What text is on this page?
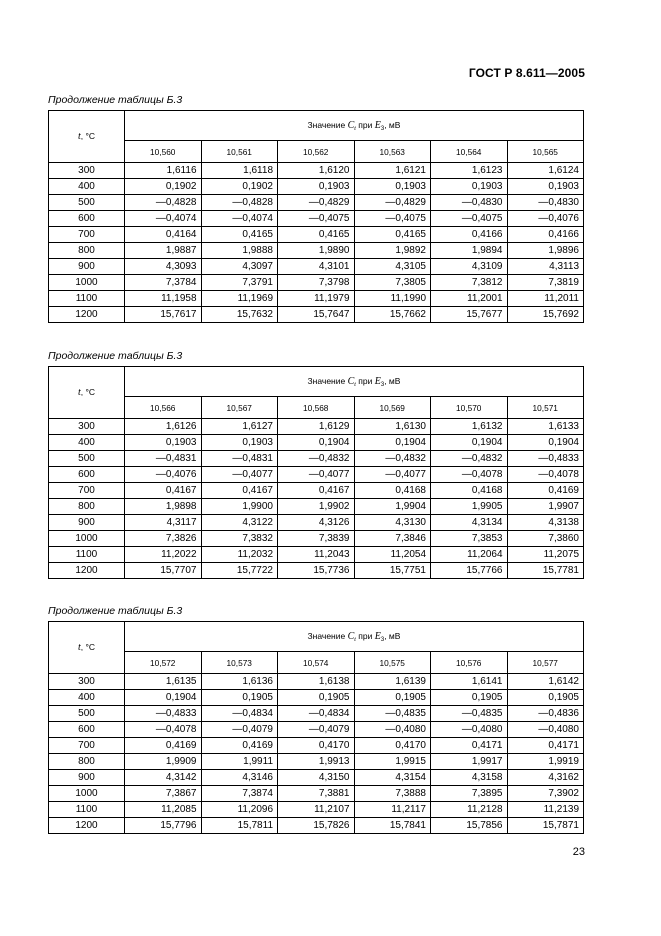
ГОСТ Р 8.611—2005
Продолжение таблицы Б.3
t, °C	Значение $C_t$ при $E_3$, мВ					
	10,560	10,561	10,562	10,563	10,564	10,565
300	1,6116	1,6118	1,6120	1,6121	1,6123	1,6124
400	0,1902	0,1902	0,1903	0,1903	0,1903	0,1903
500	—0,4828	—0,4828	—0,4829	—0,4829	—0,4830	—0,4830
600	—0,4074	—0,4074	—0,4075	—0,4075	—0,4075	—0,4076
700	0,4164	0,4165	0,4165	0,4165	0,4166	0,4166
800	1,9887	1,9888	1,9890	1,9892	1,9894	1,9896
900	4,3093	4,3097	4,3101	4,3105	4,3109	4,3113
1000	7,3784	7,3791	7,3798	7,3805	7,3812	7,3819
1100	11,1958	11,1969	11,1979	11,1990	11,2001	11,2011
1200	15,7617	15,7632	15,7647	15,7662	15,7677	15,7692
Продолжение таблицы Б.3
t, °C	Значение $C_t$ при $E_3$, мВ					
	10,566	10,567	10,568	10,569	10,570	10,571
300	1,6126	1,6127	1,6129	1,6130	1,6132	1,6133
400	0,1903	0,1903	0,1904	0,1904	0,1904	0,1904
500	—0,4831	—0,4831	—0,4832	—0,4832	—0,4832	—0,4833
600	—0,4076	—0,4077	—0,4077	—0,4077	—0,4078	—0,4078
700	0,4167	0,4167	0,4167	0,4168	0,4168	0,4169
800	1,9898	1,9900	1,9902	1,9904	1,9905	1,9907
900	4,3117	4,3122	4,3126	4,3130	4,3134	4,3138
1000	7,3826	7,3832	7,3839	7,3846	7,3853	7,3860
1100	11,2022	11,2032	11,2043	11,2054	11,2064	11,2075
1200	15,7707	15,7722	15,7736	15,7751	15,7766	15,7781
Продолжение таблицы Б.3
t, °C	Значение $C_t$ при $E_3$, мВ					
	10,572	10,573	10,574	10,575	10,576	10,577
300	1,6135	1,6136	1,6138	1,6139	1,6141	1,6142
400	0,1904	0,1905	0,1905	0,1905	0,1905	0,1905
500	—0,4833	—0,4834	—0,4834	—0,4835	—0,4835	—0,4836
600	—0,4078	—0,4079	—0,4079	—0,4080	—0,4080	—0,4080
700	0,4169	0,4169	0,4170	0,4170	0,4171	0,4171
800	1,9909	1,9911	1,9913	1,9915	1,9917	1,9919
900	4,3142	4,3146	4,3150	4,3154	4,3158	4,3162
1000	7,3867	7,3874	7,3881	7,3888	7,3895	7,3902
1100	11,2085	11,2096	11,2107	11,2117	11,2128	11,2139
1200	15,7796	15,7811	15,7826	15,7841	15,7856	15,7871
23
